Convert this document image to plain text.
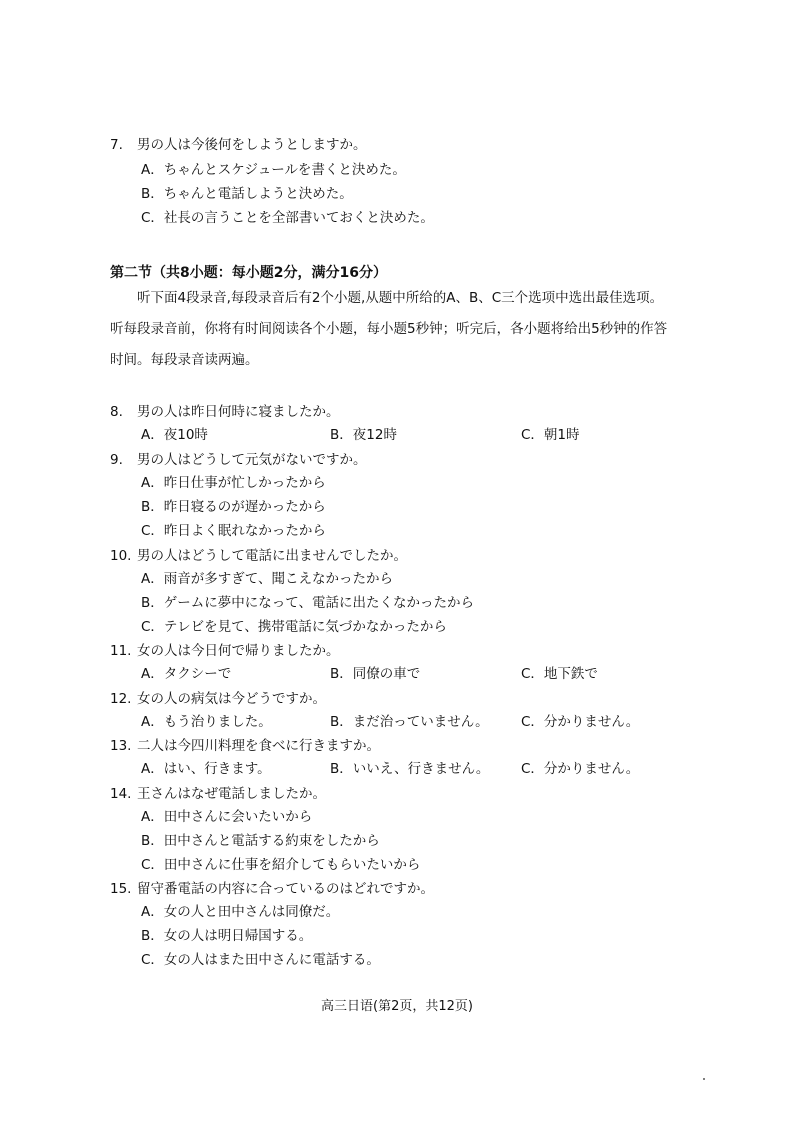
7. 男の人は今後何をしようとしますか。
A．ちゃんとスケジュールを書くと決めた。
B．ちゃんと電話しようと決めた。
C．社長の言うことを全部書いておくと決めた。
第二节（共8小题：每小题2分，满分16分）
听下面4段录音,每段录音后有2个小题,从题中所给的A、B、C三个选项中选出最佳选项。听每段录音前，你将有时间阅读各个小题，每小题5秒钟；听完后，各小题将给出5秒钟的作答时间。每段录音读两遍。
8. 男の人は昨日何時に寝ましたか。
A．夜10時	B．夜12時	C．朝1時
9. 男の人はどうして元気がないですか。
A．昨日仕事が忙しかったから
B．昨日寝るのが遅かったから
C．昨日よく眠れなかったから
10. 男の人はどうして電話に出ませんでしたか。
A．雨音が多すぎて、聞こえなかったから
B．ゲームに夢中になって、電話に出たくなかったから
C．テレビを見て、携帯電話に気づかなかったから
11. 女の人は今日何で帰りましたか。
A．タクシーで	B．同僚の車で	C．地下鉄で
12. 女の人の病気は今どうですか。
A．もう治りました。	B．まだ治っていません。 C．分かりません。
13. 二人は今四川料理を食べに行きますか。
A．はい、行きます。	B．いいえ、行きません。 C．分かりません。
14. 王さんはなぜ電話しましたか。
A．田中さんに会いたいから
B．田中さんと電話する約束をしたから
C．田中さんに仕事を紹介してもらいたいから
15. 留守番電話の内容に合っているのはどれですか。
A．女の人と田中さんは同僚だ。
B．女の人は明日帰国する。
C．女の人はまた田中さんに電話する。
高三日语(第2页，共12页)
